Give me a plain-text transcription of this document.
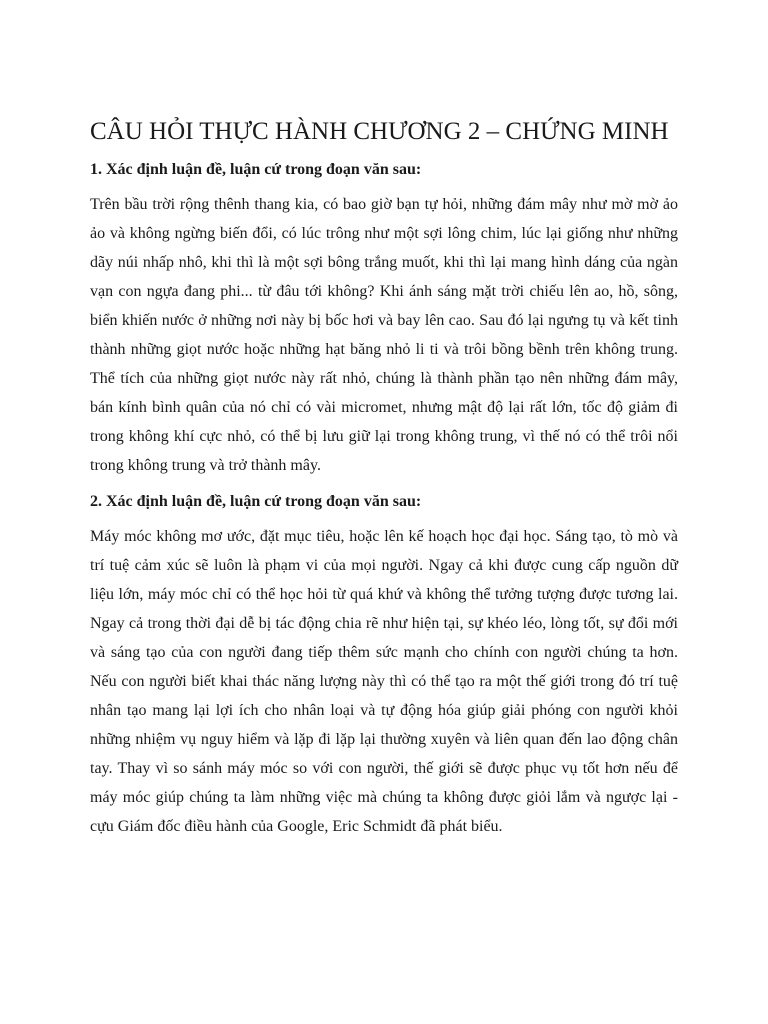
CÂU HỎI THỰC HÀNH CHƯƠNG 2 – CHỨNG MINH
1. Xác định luận đề, luận cứ trong đoạn văn sau:

Trên bầu trời rộng thênh thang kia, có bao giờ bạn tự hỏi, những đám mây như mờ mờ ảo ảo và không ngừng biến đổi, có lúc trông như một sợi lông chim, lúc lại giống như những dãy núi nhấp nhô, khi thì là một sợi bông trắng muốt, khi thì lại mang hình dáng của ngàn vạn con ngựa đang phi... từ đâu tới không? Khi ánh sáng mặt trời chiếu lên ao, hồ, sông, biển khiến nước ở những nơi này bị bốc hơi và bay lên cao. Sau đó lại ngưng tụ và kết tinh thành những giọt nước hoặc những hạt băng nhỏ li ti và trôi bồng bềnh trên không trung. Thể tích của những giọt nước này rất nhỏ, chúng là thành phần tạo nên những đám mây, bán kính bình quân của nó chỉ có vài micromet, nhưng mật độ lại rất lớn, tốc độ giảm đi trong không khí cực nhỏ, có thể bị lưu giữ lại trong không trung, vì thế nó có thể trôi nổi trong không trung và trở thành mây.

2. Xác định luận đề, luận cứ trong đoạn văn sau:

Máy móc không mơ ước, đặt mục tiêu, hoặc lên kế hoạch học đại học. Sáng tạo, tò mò và trí tuệ cảm xúc sẽ luôn là phạm vi của mọi người. Ngay cả khi được cung cấp nguồn dữ liệu lớn, máy móc chỉ có thể học hỏi từ quá khứ và không thể tưởng tượng được tương lai. Ngay cả trong thời đại dễ bị tác động chia rẽ như hiện tại, sự khéo léo, lòng tốt, sự đổi mới và sáng tạo của con người đang tiếp thêm sức mạnh cho chính con người chúng ta hơn. Nếu con người biết khai thác năng lượng này thì có thể tạo ra một thế giới trong đó trí tuệ nhân tạo mang lại lợi ích cho nhân loại và tự động hóa giúp giải phóng con người khỏi những nhiệm vụ nguy hiểm và lặp đi lặp lại thường xuyên và liên quan đến lao động chân tay. Thay vì so sánh máy móc so với con người, thế giới sẽ được phục vụ tốt hơn nếu để máy móc giúp chúng ta làm những việc mà chúng ta không được giỏi lắm và ngược lại - cựu Giám đốc điều hành của Google, Eric Schmidt đã phát biểu.
